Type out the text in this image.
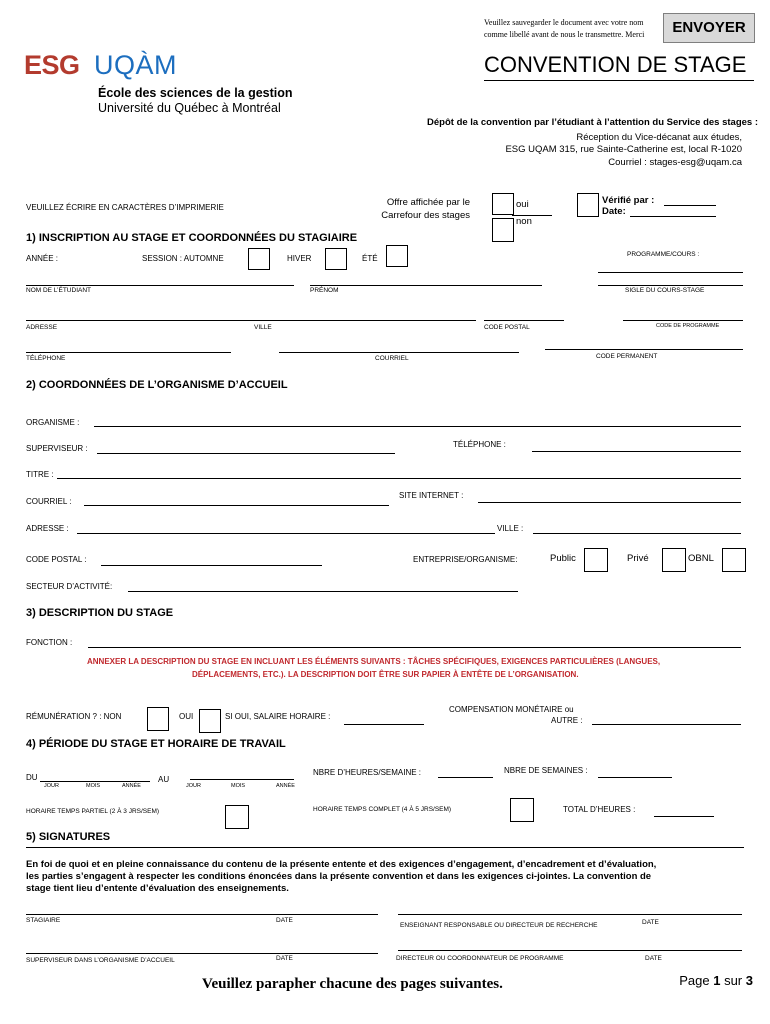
Veuillez sauvegarder le document avec votre nom
comme libellé avant de nous le transmettre. Merci	ENVOYER
ESG UQÀM
École des sciences de la gestion
Université du Québec à Montréal
CONVENTION DE STAGE
Dépôt de la convention par l’étudiant à l’attention du Service des stages :
Réception du Vice-décanat aux études,
ESG UQAM 315, rue Sainte-Catherine est, local R-1020
Courriel : stages-esg@uqam.ca
VEUILLEZ ÉCRIRE EN CARACTÈRES D’IMPRIMERIE	Offre affichée par le
Carrefour des stages
oui
non
Vérifié par :
Date:
1) INSCRIPTION AU STAGE ET COORDONNÉES DU STAGIAIRE
ANNÉE :	SESSION : AUTOMNE	HIVER	ÉTÉ	PROGRAMME/COURS :
NOM DE L’ÉTUDIANT	PRÉNOM	SIGLE DU COURS-STAGE
ADRESSE	VILLE	CODE POSTAL	CODE DE PROGRAMME
TÉLÉPHONE	COURRIEL	CODE PERMANENT
2) COORDONNÉES DE L’ORGANISME D’ACCUEIL
ORGANISME :
SUPERVISEUR :	TÉLÉPHONE :
TITRE :
COURRIEL :
SITE INTERNET :
ADRESSE :	VILLE :
CODE POSTAL :	ENTREPRISE/ORGANISME:	Public	Privé	OBNL
SECTEUR D’ACTIVITÉ:
3) DESCRIPTION DU STAGE
FONCTION :
ANNEXER LA DESCRIPTION DU STAGE EN INCLUANT LES ÉLÉMENTS SUIVANTS : TÂCHES SPÉCIFIQUES, EXIGENCES PARTICULIÈRES (LANGUES,
DÉPLACEMENTS, ETC.). LA DESCRIPTION DOIT ÊTRE SUR PAPIER À ENTÊTE DE L’ORGANISATION.
RÉMUNÉRATION ? : NON	OUI	SI OUI, SALAIRE HORAIRE :
COMPENSATION MONÉTAIRE ou
AUTRE :
4) PÉRIODE DU STAGE ET HORAIRE DE TRAVAIL
DU	AU
JOUR	MOIS	ANNÉE	JOUR	MOIS	ANNÉE
NBRE D’HEURES/SEMAINE :	NBRE DE SEMAINES :
HORAIRE TEMPS PARTIEL (2 À 3 JRS/SEM)	HORAIRE TEMPS COMPLET (4 À 5 JRS/SEM)	TOTAL D’HEURES :
5) SIGNATURES
En foi de quoi et en pleine connaissance du contenu de la présente entente et des exigences d’engagement, d’encadrement et d’évaluation,
les parties s’engagent à respecter les conditions énoncées dans la présente convention et dans les exigences ci-jointes. La convention de
stage tient lieu d’entente d’évaluation des enseignements.
STAGIAIRE	DATE
ENSEIGNANT RESPONSABLE OU DIRECTEUR DE RECHERCHE	DATE
SUPERVISEUR DANS L’ORGANISME D’ACCUEIL	DATE	DIRECTEUR OU COORDONNATEUR DE PROGRAMME	DATE
Veuillez parapher chacune des pages suivantes.	Page 1 sur 3
